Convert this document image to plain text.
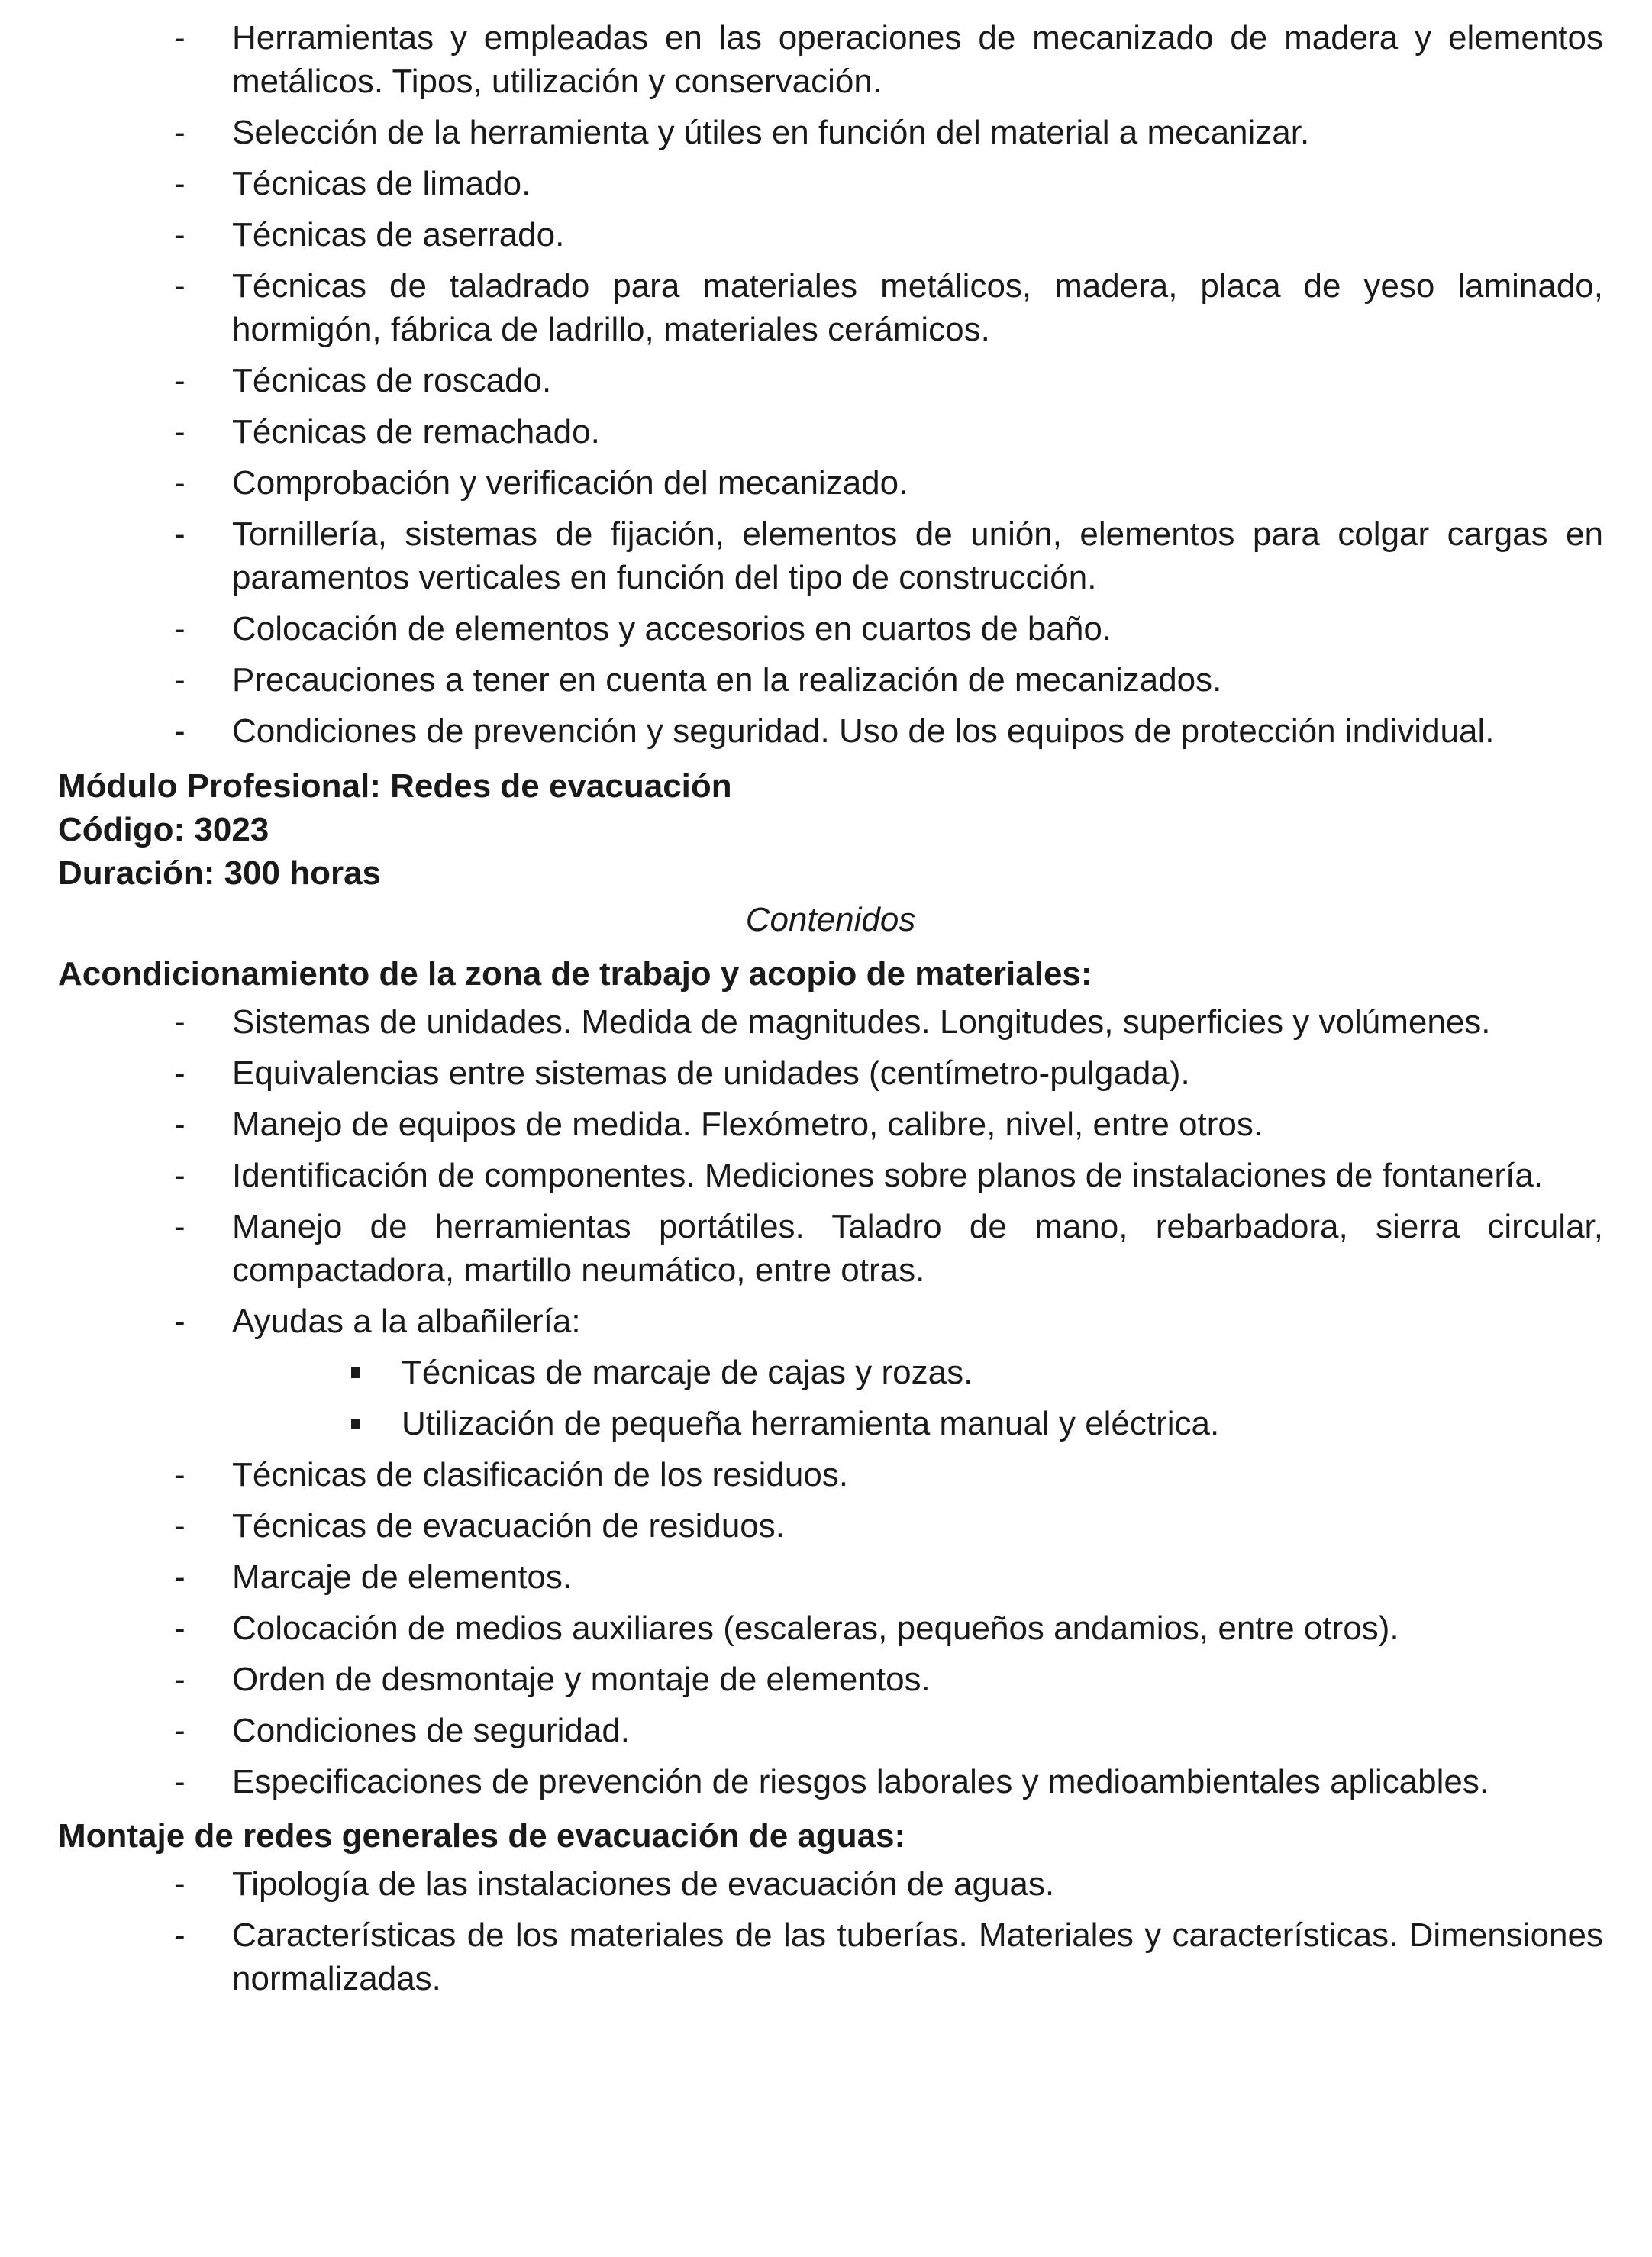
- Herramientas y empleadas en las operaciones de mecanizado de madera y elementos metálicos. Tipos, utilización y conservación.
- Selección de la herramienta y útiles en función del material a mecanizar.
- Técnicas de limado.
- Técnicas de aserrado.
- Técnicas de taladrado para materiales metálicos, madera, placa de yeso laminado, hormigón, fábrica de ladrillo, materiales cerámicos.
- Técnicas de roscado.
- Técnicas de remachado.
- Comprobación y verificación del mecanizado.
- Tornillería, sistemas de fijación, elementos de unión, elementos para colgar cargas en paramentos verticales en función del tipo de construcción.
- Colocación de elementos y accesorios en cuartos de baño.
- Precauciones a tener en cuenta en la realización de mecanizados.
- Condiciones de prevención y seguridad. Uso de los equipos de protección individual.
Módulo Profesional: Redes de evacuación
Código: 3023
Duración: 300 horas
Contenidos
Acondicionamiento de la zona de trabajo y acopio de materiales:
- Sistemas de unidades. Medida de magnitudes. Longitudes, superficies y volúmenes.
- Equivalencias entre sistemas de unidades (centímetro-pulgada).
- Manejo de equipos de medida. Flexómetro, calibre, nivel, entre otros.
- Identificación de componentes. Mediciones sobre planos de instalaciones de fontanería.
- Manejo de herramientas portátiles. Taladro de mano, rebarbadora, sierra circular, compactadora, martillo neumático, entre otras.
- Ayudas a la albañilería:
Técnicas de marcaje de cajas y rozas.
Utilización de pequeña herramienta manual y eléctrica.
- Técnicas de clasificación de los residuos.
- Técnicas de evacuación de residuos.
- Marcaje de elementos.
- Colocación de medios auxiliares (escaleras, pequeños andamios, entre otros).
- Orden de desmontaje y montaje de elementos.
- Condiciones de seguridad.
- Especificaciones de prevención de riesgos laborales y medioambientales aplicables.
Montaje de redes generales de evacuación de aguas:
- Tipología de las instalaciones de evacuación de aguas.
- Características de los materiales de las tuberías. Materiales y características. Dimensiones normalizadas.
